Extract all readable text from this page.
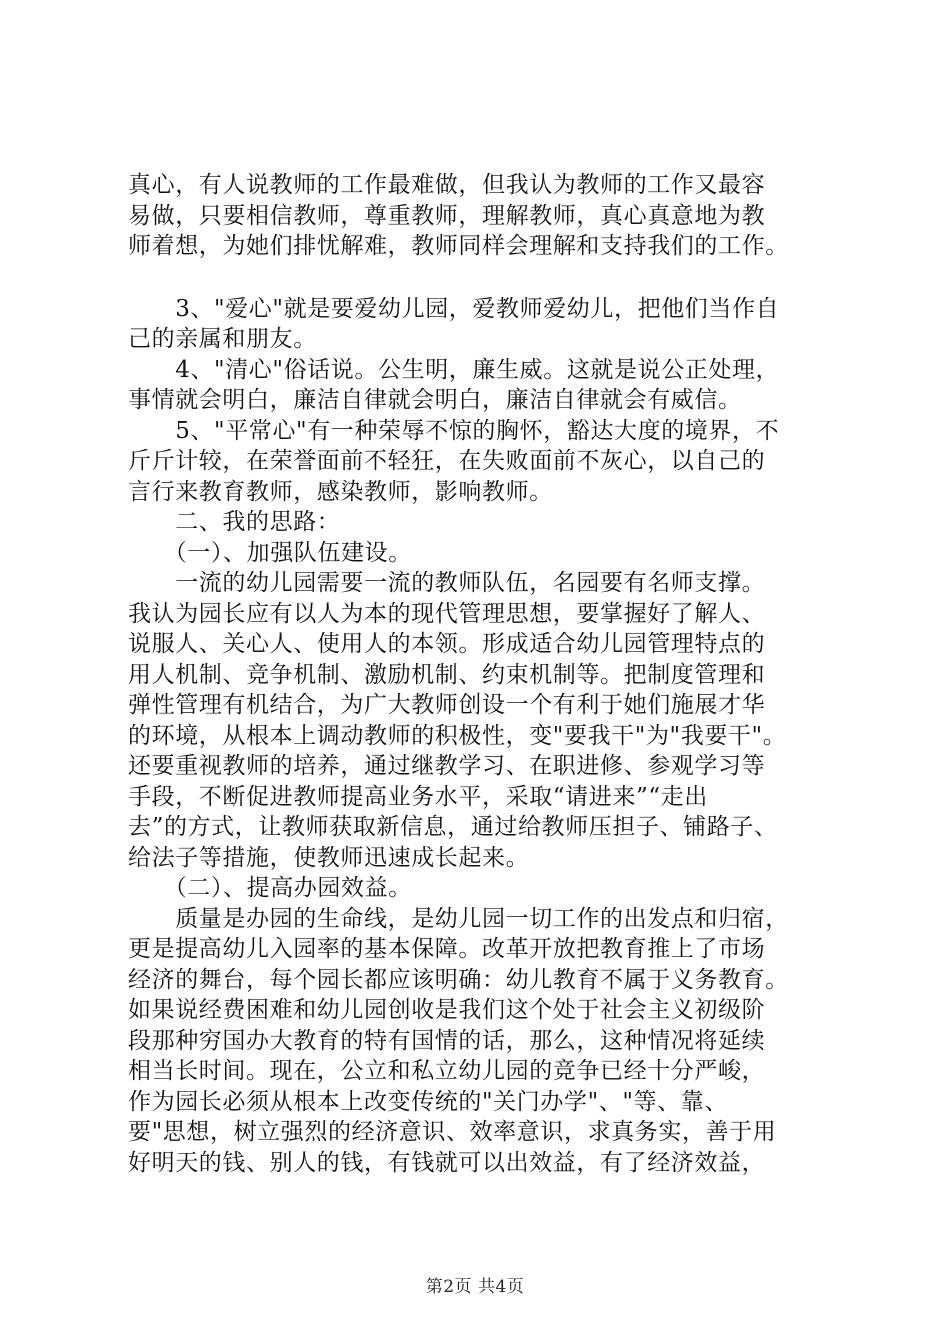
真心，有人说教师的工作最难做，但我认为教师的工作又最容
易做，只要相信教师，尊重教师，理解教师，真心真意地为教
师着想，为她们排忧解难，教师同样会理解和支持我们的工作。
　　3、"爱心"就是要爱幼儿园，爱教师爱幼儿，把他们当作自
己的亲属和朋友。
　　4、"清心"俗话说。公生明，廉生威。这就是说公正处理，
事情就会明白，廉洁自律就会明白，廉洁自律就会有威信。
　　5、"平常心"有一种荣辱不惊的胸怀，豁达大度的境界，不
斤斤计较，在荣誉面前不轻狂，在失败面前不灰心，以自己的
言行来教育教师，感染教师，影响教师。
　　二、我的思路：
　　（一）、加强队伍建设。
　　一流的幼儿园需要一流的教师队伍，名园要有名师支撑。
我认为园长应有以人为本的现代管理思想，要掌握好了解人、
说服人、关心人、使用人的本领。形成适合幼儿园管理特点的
用人机制、竞争机制、激励机制、约束机制等。把制度管理和
弹性管理有机结合，为广大教师创设一个有利于她们施展才华
的环境，从根本上调动教师的积极性，变"要我干"为"我要干"。
还要重视教师的培养，通过继教学习、在职进修、参观学习等
手段，不断促进教师提高业务水平，采取“请进来”“走出
去”的方式，让教师获取新信息，通过给教师压担子、铺路子、
给法子等措施，使教师迅速成长起来。
　　（二）、提高办园效益。
　　质量是办园的生命线，是幼儿园一切工作的出发点和归宿，
更是提高幼儿入园率的基本保障。改革开放把教育推上了市场
经济的舞台，每个园长都应该明确：幼儿教育不属于义务教育。
如果说经费困难和幼儿园创收是我们这个处于社会主义初级阶
段那种穷国办大教育的特有国情的话，那么，这种情况将延续
相当长时间。现在，公立和私立幼儿园的竞争已经十分严峻，
作为园长必须从根本上改变传统的"关门办学"、"等、靠、
要"思想，树立强烈的经济意识、效率意识，求真务实，善于用
好明天的钱、别人的钱，有钱就可以出效益，有了经济效益，
第2页 共4页
